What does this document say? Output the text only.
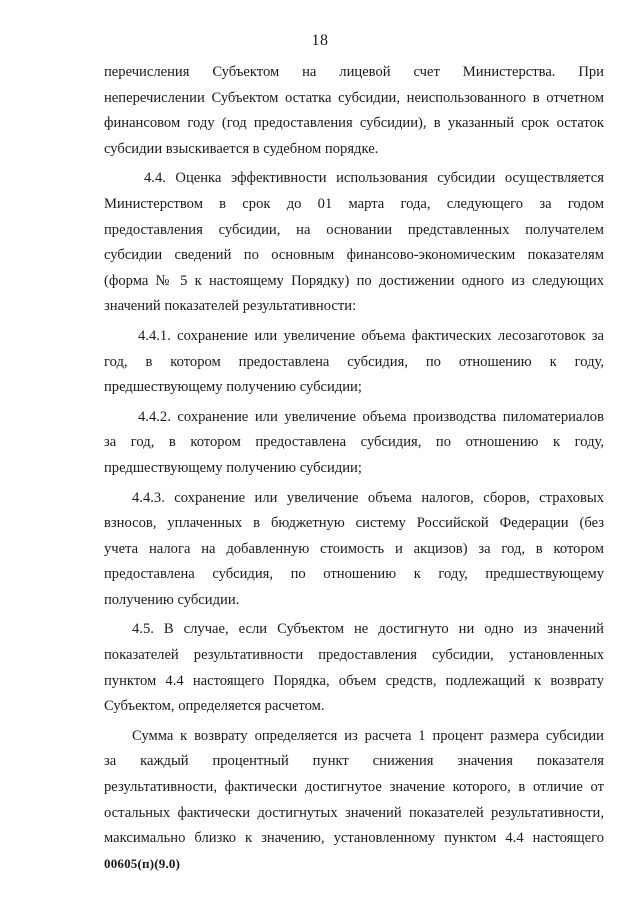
18
перечисления Субъектом на лицевой счет Министерства. При
неперечислении Субъектом остатка субсидии, неиспользованного в отчетном
финансовом году (год предоставления субсидии), в указанный срок остаток
субсидии взыскивается в судебном порядке.
4.4. Оценка эффективности использования субсидии осуществляется
Министерством в срок до 01 марта года, следующего за годом
предоставления субсидии, на основании представленных получателем
субсидии сведений по основным финансово-экономическим показателям
(форма № 5 к настоящему Порядку) по достижении одного из следующих
значений показателей результативности:
4.4.1. сохранение или увеличение объема фактических лесозаготовок за
год, в котором предоставлена субсидия, по отношению к году,
предшествующему получению субсидии;
4.4.2. сохранение или увеличение объема производства пиломатериалов
за год, в котором предоставлена субсидия, по отношению к году,
предшествующему получению субсидии;
4.4.3. сохранение или увеличение объема налогов, сборов, страховых
взносов, уплаченных в бюджетную систему Российской Федерации (без
учета налога на добавленную стоимость и акцизов) за год, в котором
предоставлена субсидия, по отношению к году, предшествующему
получению субсидии.
4.5. В случае, если Субъектом не достигнуто ни одно из значений
показателей результативности предоставления субсидии, установленных
пунктом 4.4 настоящего Порядка, объем средств, подлежащий к возврату
Субъектом, определяется расчетом.
Сумма к возврату определяется из расчета 1 процент размера субсидии
за каждый процентный пункт снижения значения показателя
результативности, фактически достигнутое значение которого, в отличие от
остальных фактически достигнутых значений показателей результативности,
максимально близко к значению, установленному пунктом 4.4 настоящего
00605(п)(9.0)
